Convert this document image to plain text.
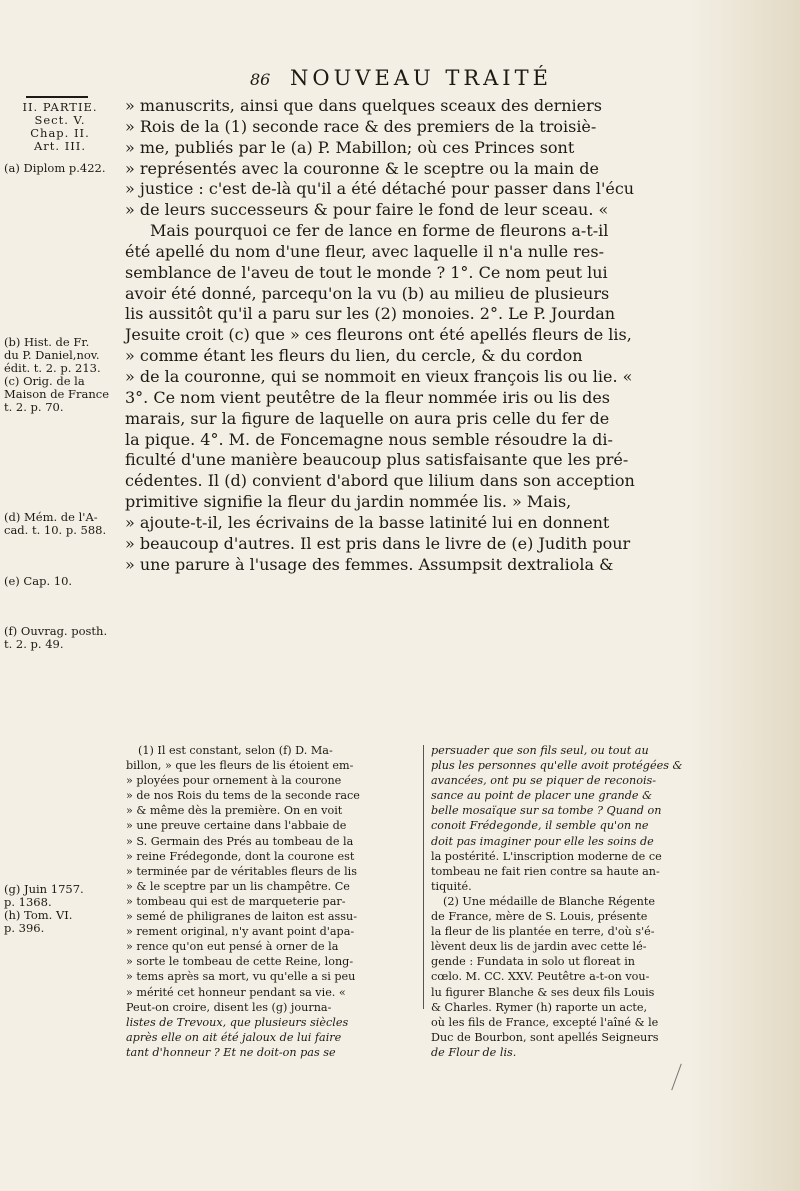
86 NOUVEAU TRAITÉ
II. PARTIE.
Sect. V.
Chap. II.
Art. III.
(a) Diplom p.422.
(b) Hist. de Fr.
du P. Daniel,nov.
édit. t. 2. p. 213.
(c) Orig. de la
Maison de France
t. 2. p. 70.
(d) Mém. de l'A-
cad. t. 10. p. 588.
(e) Cap. 10.
(f) Ouvrag. posth.
t. 2. p. 49.
(g) Juin 1757.
p. 1368.
(h) Tom. VI.
p. 396.
» manuscrits, ainsi que dans quelques sceaux des derniers
» Rois de la (1) seconde race & des premiers de la troisiè-
» me, publiés par le (a) P. Mabillon; où ces Princes sont
» représentés avec la couronne & le sceptre ou la main de
» justice : c'est de-là qu'il a été détaché pour passer dans l'écu
» de leurs successeurs & pour faire le fond de leur sceau. «
Mais pourquoi ce fer de lance en forme de fleurons a-t-il
été apellé du nom d'une fleur, avec laquelle il n'a nulle res-
semblance de l'aveu de tout le monde ? 1°. Ce nom peut lui
avoir été donné, parcequ'on la vu (b) au milieu de plusieurs
lis aussitôt qu'il a paru sur les (2) monoies. 2°. Le P. Jourdan
Jesuite croit (c) que » ces fleurons ont été apellés fleurs de lis,
» comme étant les fleurs du lien, du cercle, & du cordon
» de la couronne, qui se nommoit en vieux françois lis ou lie. «
3°. Ce nom vient peutêtre de la fleur nommée iris ou lis des
marais, sur la figure de laquelle on aura pris celle du fer de
la pique. 4°. M. de Foncemagne nous semble résoudre la di-
ficulté d'une manière beaucoup plus satisfaisante que les pré-
cédentes. Il (d) convient d'abord que lilium dans son acception
primitive signifie la fleur du jardin nommée lis. » Mais,
» ajoute-t-il, les écrivains de la basse latinité lui en donnent
» beaucoup d'autres. Il est pris dans le livre de (e) Judith pour
» une parure à l'usage des femmes. Assumpsit dextraliola &
(1) Il est constant, selon (f) D. Ma-
billon, » que les fleurs de lis étoient em-
» ployées pour ornement à la courone
» de nos Rois du tems de la seconde race
» & même dès la première. On en voit
» une preuve certaine dans l'abbaie de
» S. Germain des Prés au tombeau de la
» reine Frédegonde, dont la courone est
» terminée par de véritables fleurs de lis
» & le sceptre par un lis champêtre. Ce
» tombeau qui est de marqueterie par-
» semé de philigranes de laiton est assu-
» rement original, n'y avant point d'apa-
» rence qu'on eut pensé à orner de la
» sorte le tombeau de cette Reine, long-
» tems après sa mort, vu qu'elle a si peu
» mérité cet honneur pendant sa vie. «
Peut-on croire, disent les (g) journa-
listes de Trevoux, que plusieurs siècles
après elle on ait été jaloux de lui faire
tant d'honneur ? Et ne doit-on pas se
persuader que son fils seul, ou tout au
plus les personnes qu'elle avoit protégées &
avancées, ont pu se piquer de reconois-
sance au point de placer une grande &
belle mosaïque sur sa tombe ? Quand on
conoit Frédegonde, il semble qu'on ne
doit pas imaginer pour elle les soins de
la postérité. L'inscription moderne de ce
tombeau ne fait rien contre sa haute an-
tiquité.
(2) Une médaille de Blanche Régente
de France, mère de S. Louis, présente
la fleur de lis plantée en terre, d'où s'é-
lèvent deux lis de jardin avec cette lé-
gende : Fundata in solo ut floreat in
cœlo. M. CC. XXV. Peutêtre a-t-on vou-
lu figurer Blanche & ses deux fils Louis
& Charles. Rymer (h) raporte un acte,
où les fils de France, excepté l'aîné & le
Duc de Bourbon, sont apellés Seigneurs
de Flour de lis.
